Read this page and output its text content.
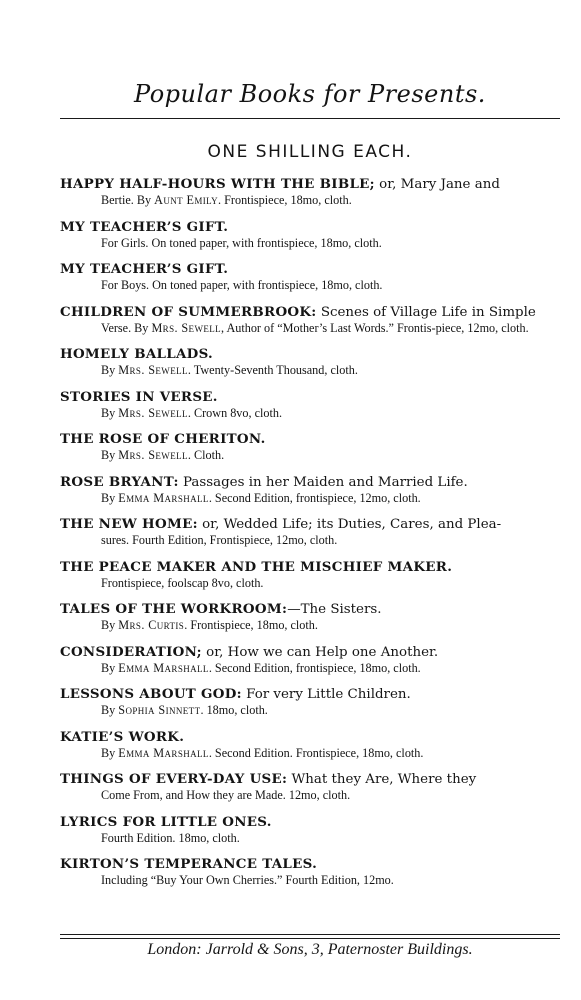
Popular Books for Presents.
ONE SHILLING EACH.
HAPPY HALF-HOURS WITH THE BIBLE; or, Mary Jane and
Bertie. By Aunt Emily. Frontispiece, 18mo, cloth.
MY TEACHER’S GIFT.
For Girls. On toned paper, with frontispiece, 18mo, cloth.
MY TEACHER’S GIFT.
For Boys. On toned paper, with frontispiece, 18mo, cloth.
CHILDREN OF SUMMERBROOK: Scenes of Village Life in Simple
Verse. By Mrs. Sewell, Author of “Mother’s Last Words.” Frontis-piece, 12mo, cloth.
HOMELY BALLADS.
By Mrs. Sewell. Twenty-Seventh Thousand, cloth.
STORIES IN VERSE.
By Mrs. Sewell. Crown 8vo, cloth.
THE ROSE OF CHERITON.
By Mrs. Sewell. Cloth.
ROSE BRYANT: Passages in her Maiden and Married Life.
By Emma Marshall. Second Edition, frontispiece, 12mo, cloth.
THE NEW HOME: or, Wedded Life; its Duties, Cares, and Plea-
sures. Fourth Edition, Frontispiece, 12mo, cloth.
THE PEACE MAKER AND THE MISCHIEF MAKER.
Frontispiece, foolscap 8vo, cloth.
TALES OF THE WORKROOM:—The Sisters.
By Mrs. Curtis. Frontispiece, 18mo, cloth.
CONSIDERATION; or, How we can Help one Another.
By Emma Marshall. Second Edition, frontispiece, 18mo, cloth.
LESSONS ABOUT GOD: For very Little Children.
By Sophia Sinnett. 18mo, cloth.
KATIE’S WORK.
By Emma Marshall. Second Edition. Frontispiece, 18mo, cloth.
THINGS OF EVERY-DAY USE: What they Are, Where they
Come From, and How they are Made. 12mo, cloth.
LYRICS FOR LITTLE ONES.
Fourth Edition. 18mo, cloth.
KIRTON’S TEMPERANCE TALES.
Including “Buy Your Own Cherries.” Fourth Edition, 12mo.
London: Jarrold & Sons, 3, Paternoster Buildings.
